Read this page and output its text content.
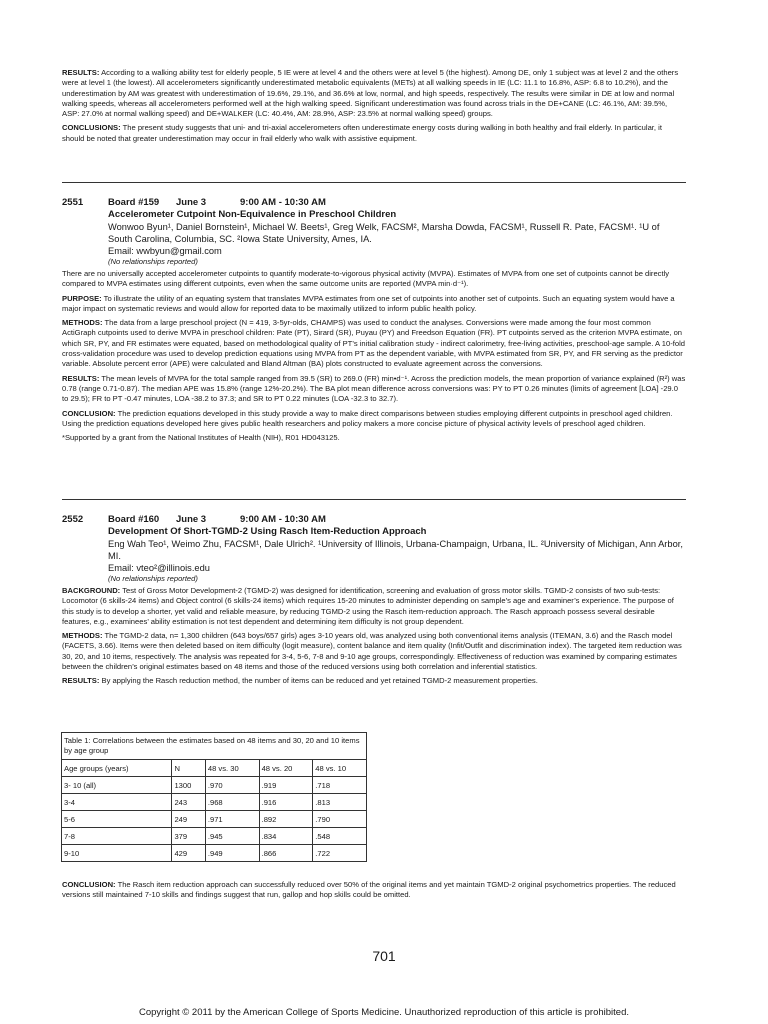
RESULTS: According to a walking ability test for elderly people, 5 IE were at level 4 and the others were at level 5 (the highest). Among DE, only 1 subject was at level 2 and the others were at level 1 (the lowest). All accelerometers significantly underestimated metabolic equivalents (METs) at all walking speeds in IE (LC: 11.1 to 16.8%, ASP: 6.8 to 10.2%), and the underestimation by AM was greatest with underestimation of 19.6%, 29.1%, and 36.6% at low, normal, and high speeds, respectively. The results were similar in DE at low and normal walking speeds, whereas all accelerometers performed well at the high walking speed. Significant underestimation was found across trials in the DE+CANE (LC: 46.1%, AM: 39.5%, ASP: 27.0% at normal walking speed) and DE+WALKER (LC: 40.4%, AM: 28.9%, ASP: 23.5% at normal walking speed) groups.

CONCLUSIONS: The present study suggests that uni- and tri-axial accelerometers often underestimate energy costs during walking in both healthy and frail elderly. In particular, it should be noted that greater underestimation may occur in frail elderly who walk with assistive equipment.

2551	Board #159	June 3	9:00 AM - 10:30 AM
Accelerometer Cutpoint Non-Equivalence in Preschool Children
Wonwoo Byun¹, Daniel Bornstein¹, Michael W. Beets¹, Greg Welk, FACSM², Marsha Dowda, FACSM¹, Russell R. Pate, FACSM¹. ¹U of South Carolina, Columbia, SC. ²Iowa State University, Ames, IA.
Email: wwbyun@gmail.com
(No relationships reported)

There are no universally accepted accelerometer cutpoints to quantify moderate-to-vigorous physical activity (MVPA). Estimates of MVPA from one set of cutpoints cannot be directly compared to MVPA estimates using different cutpoints, even when the same outcome units are reported (MVPA min·d⁻¹).

PURPOSE: To illustrate the utility of an equating system that translates MVPA estimates from one set of cutpoints into another set of cutpoints. Such an equating system would have a major impact on systematic reviews and would allow for reported data to be maximally utilized to inform public health policy.

METHODS: The data from a large preschool project (N = 419, 3-5yr-olds, CHAMPS) was used to conduct the analyses. Conversions were made among the four most common ActiGraph cutpoints used to derive MVPA in preschool children: Pate (PT), Sirard (SR), Puyau (PY) and Freedson Equation (FR). PT cutpoints served as the criterion MVPA estimate, on which SR, PY, and FR estimates were equated, based on methodological quality of PT’s initial calibration study - indirect calorimetry, free-living activities, preschool-age sample. A 10-fold cross-validation procedure was used to develop prediction equations using MVPA from PT as the dependent variable, with MVPA estimated from SR, PY, and FR serving as the predictor variable. Absolute percent error (APE) were calculated and Bland Altman (BA) plots constructed to evaluate agreement across the conversions.

RESULTS: The mean levels of MVPA for the total sample ranged from 39.5 (SR) to 269.0 (FR) min•d⁻¹. Across the prediction models, the mean proportion of variance explained (R²) was 0.78 (range 0.71-0.87). The median APE was 15.8% (range 12%-20.2%). The BA plot mean difference across conversions was: PY to PT 0.26 minutes (limits of agreement [LOA] -29.0 to 29.5); FR to PT -0.47 minutes, LOA -38.2 to 37.3; and SR to PT 0.22 minutes (LOA -32.3 to 32.7).

CONCLUSION: The prediction equations developed in this study provide a way to make direct comparisons between studies employing different cutpoints in preschool aged children. Using the prediction equations developed here gives public health researchers and policy makers a more concise picture of physical activity levels of preschool aged children.

*Supported by a grant from the National Institutes of Health (NIH), R01 HD043125.

2552	Board #160	June 3	9:00 AM - 10:30 AM
Development Of Short-TGMD-2 Using Rasch Item-Reduction Approach
Eng Wah Teo¹, Weimo Zhu, FACSM¹, Dale Ulrich². ¹University of Illinois, Urbana-Champaign, Urbana, IL. ²University of Michigan, Ann Arbor, MI.
Email: vteo²@illinois.edu
(No relationships reported)

BACKGROUND: Test of Gross Motor Development-2 (TGMD-2) was designed for identification, screening and evaluation of gross motor skills. TGMD-2 consists of two sub-tests: Locomotor (6 skills-24 items) and Object control (6 skills-24 items) which requires 15-20 minutes to administer depending on sample’s age and examiner’s experience. The purpose of this study is to develop a shorter, yet valid and reliable measure, by reducing TGMD-2 using the Rasch item-reduction approach. The Rasch approach possess several desirable features, e.g., examinees’ ability estimation is not test dependent and determining item difficulty is not group dependent.

METHODS: The TGMD-2 data, n= 1,300 children (643 boys/657 girls) ages 3-10 years old, was analyzed using both conventional items analysis (ITEMAN, 3.6) and the Rasch model (FACETS, 3.66). Items were then deleted based on item difficulty (logit measure), content balance and item quality (Infit/Outfit and discrimination index). The targeted item reduction was 30, 20, and 10 items, respectively. The analysis was repeated for 3-4, 5-6, 7-8 and 9-10 age groups, correspondingly. Effectiveness of reduction was examined by comparing estimates between the children’s original estimates based on 48 items and those of the reduced versions using both correlation and inferential statistics.

RESULTS: By applying the Rasch reduction method, the number of items can be reduced and yet retained TGMD-2 measurement properties.

Table 1: Correlations between the estimates based on 48 items and 30, 20 and 10 items by age group				
Age groups (years)	N	48 vs. 30	48 vs. 20	48 vs. 10
3- 10 (all)	1300	.970	.919	.718
3-4	243	.968	.916	.813
5-6	249	.971	.892	.790
7-8	379	.945	.834	.548
9-10	429	.949	.866	.722

CONCLUSION: The Rasch item reduction approach can successfully reduced over 50% of the original items and yet maintain TGMD-2 original psychometrics properties. The reduced versions still maintained 7-10 skills and findings suggest that run, gallop and hop skills could be omitted.

701
Copyright © 2011 by the American College of Sports Medicine. Unauthorized reproduction of this article is prohibited.
